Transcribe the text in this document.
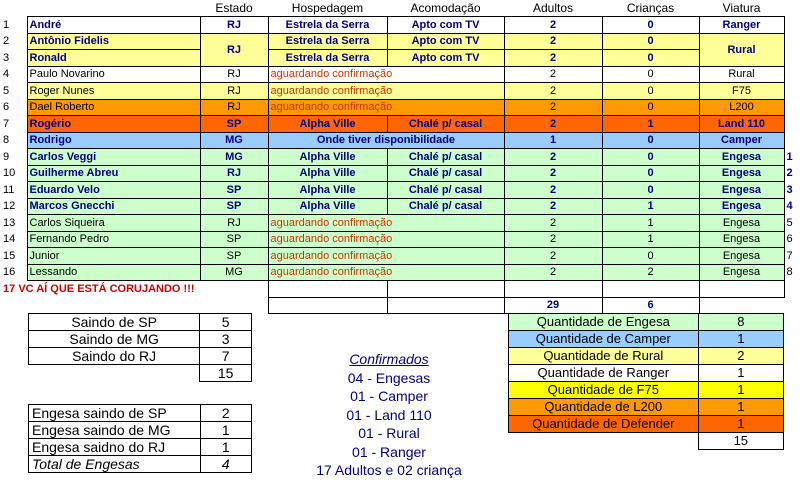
		Estado	Hospedagem	Acomodação	Adultos	Crianças	Viatura	
1	André	RJ	Estrela da Serra	Apto com TV	2	0	Ranger	
2	Antônio Fidelis	RJ	Estrela da Serra	Apto com TV	2	0	Rural	
3	Ronald		Estrela da Serra	Apto com TV	2	0		
4	Paulo Novarino	RJ	aguardando confirmação		2	0	Rural	
5	Roger Nunes	RJ	aguardando confirmação		2	0	F75	
6	Dael Roberto	RJ	aguardando confirmação		2	0	L200	
7	Rogério	SP	Alpha Ville	Chalé p/ casal	2	1	Land 110	
8	Rodrigo	MG	Onde tiver disponibilidade		1	0	Camper	
9	Carlos Veggi	MG	Alpha Ville	Chalé p/ casal	2	0	Engesa	1
10	Guilherme Abreu	RJ	Alpha Ville	Chalé p/ casal	2	0	Engesa	2
11	Eduardo Velo	SP	Alpha Ville	Chalé p/ casal	2	0	Engesa	3
12	Marcos Gnecchi	SP	Alpha Ville	Chalé p/ casal	2	1	Engesa	4
13	Carlos Siqueira	RJ	aguardando confirmação		2	1	Engesa	5
14	Fernando Pedro	SP	aguardando confirmação		2	1	Engesa	6
15	Junior	SP	aguardando confirmação		2	0	Engesa	7
16	Lessando	MG	aguardando confirmação		2	2	Engesa	8
17 VC AÍ QUE ESTÁ CORUJANDO !!!								
					29	6		
Saindo de SP	5
Saindo de MG	3
Saindo do RJ	7
	15
Engesa saindo de SP	2
Engesa saindo de MG	1
Engesa saidno do RJ	1
Total de Engesas	4
Confirmados
04 - Engesas
01 - Camper
01 - Land 110
01 - Rural
01 - Ranger
17 Adultos e 02 criança
Quantidade de Engesa	8
Quantidade de Camper	1
Quantidade de Rural	2
Quantidade de Ranger	1
Quantidade de F75	1
Quantidade de L200	1
Quantidade de Defender	1
	15
